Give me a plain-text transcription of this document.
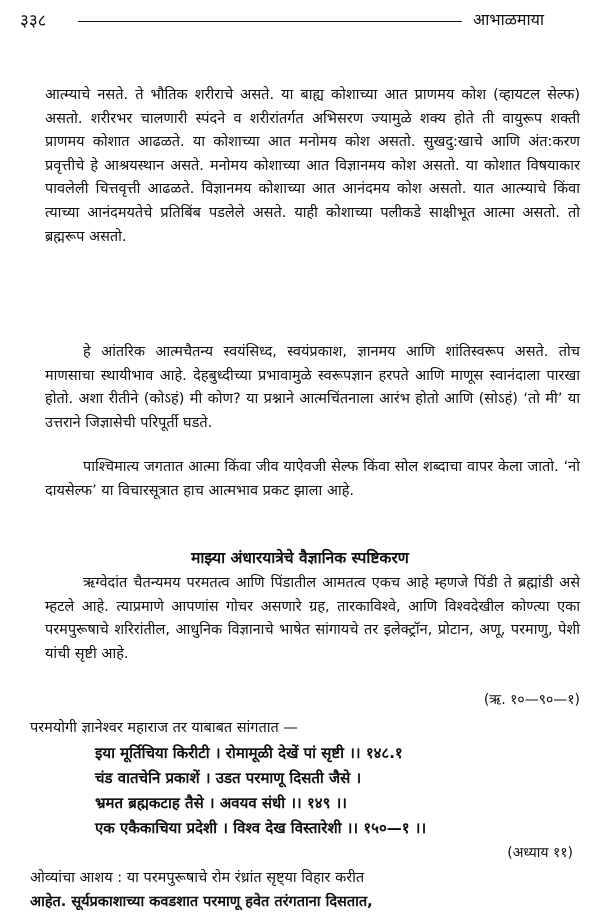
३३८	आभाळमाया

आत्म्याचे नसते. ते भौतिक शरीराचे असते. या बाह्य कोशाच्या आत प्राणमय कोश (व्हायटल सेल्फ) असतो. शरीरभर चालणारी स्पंदने व शरीरांतर्गत अभिसरण ज्यामुळे शक्य होते ती वायुरूप शक्ती प्राणमय कोशात आढळते. या कोशाच्या आत मनोमय कोश असतो. सुखदु:खाचे आणि अंत:करण प्रवृत्तीचे हे आश्रयस्थान असते. मनोमय कोशाच्या आत विज्ञानमय कोश असतो. या कोशात विषयाकार पावलेली चित्तवृत्ती आढळते. विज्ञानमय कोशाच्या आत आनंदमय कोश असतो. यात आत्म्याचे किंवा त्याच्या आनंदमयतेचे प्रतिबिंब पडलेले असते. याही कोशाच्या पलीकडे साक्षीभूत आत्मा असतो. तो ब्रह्मरूप असतो.

हे आंतरिक आत्मचैतन्य स्वयंसिध्द, स्वयंप्रकाश, ज्ञानमय आणि शांतिस्वरूप असते. तोच माणसाचा स्थायीभाव आहे. देहबुध्दीच्या प्रभावामुळे स्वरूपज्ञान हरपते आणि माणूस स्वानंदाला पारखा होतो. अशा रीतीने (कोऽहं) मी कोण? या प्रश्नाने आत्मचिंतनाला आरंभ होतो आणि (सोऽहं) ‘तो मी’ या उत्तराने जिज्ञासेची परिपूर्ती घडते.

पाश्चिमात्य जगतात आत्मा किंवा जीव याऐवजी सेल्फ किंवा सोल शब्दाचा वापर केला जातो. ‘नो दायसेल्फ’ या विचारसूत्रात हाच आत्मभाव प्रकट झाला आहे.

माझ्या अंधारयात्रेचे वैज्ञानिक स्पष्टिकरण

ऋग्वेदांत चैतन्यमय परमतत्व आणि पिंडातील आमतत्व एकच आहे म्हणजे पिंडी ते ब्रह्मांडी असे म्हटले आहे. त्याप्रमाणे आपणांस गोचर असणारे ग्रह, तारकाविश्वे, आणि विश्वदेखील कोण्त्या एका परमपुरूषाचे शरिरांतील, आधुनिक विज्ञानाचे भाषेत सांगायचे तर इलेक्ट्रॉन, प्रोटान, अणू, परमाणु, पेशी यांची सृष्टी आहे.

(ऋ. १०—९०—१)
परमयोगी ज्ञानेश्वर महाराज तर याबाबत सांगतात —
इया मूर्तिचिया किरीटी । रोमामूळी देखें पां सृष्टी ।। १४८.१
चंड वातचेनि प्रकाशें । उडत परमाणू दिसती जैसे ।
भ्रमत ब्रह्मकटाह तैसे । अवयव संधी ।। १४९ ।।
एक एकैकाचिया प्रदेशी । विश्व देख विस्तारेशी ।। १५०—१ ।।
(अध्याय ११)

ओव्यांचा आशय : या परमपुरूषाचे रोम रंध्रांत सृष्ट्या विहार करीत

आहेत. सूर्यप्रकाशाच्या कवडशात परमाणू हवेत तरंगताना दिसतात,
